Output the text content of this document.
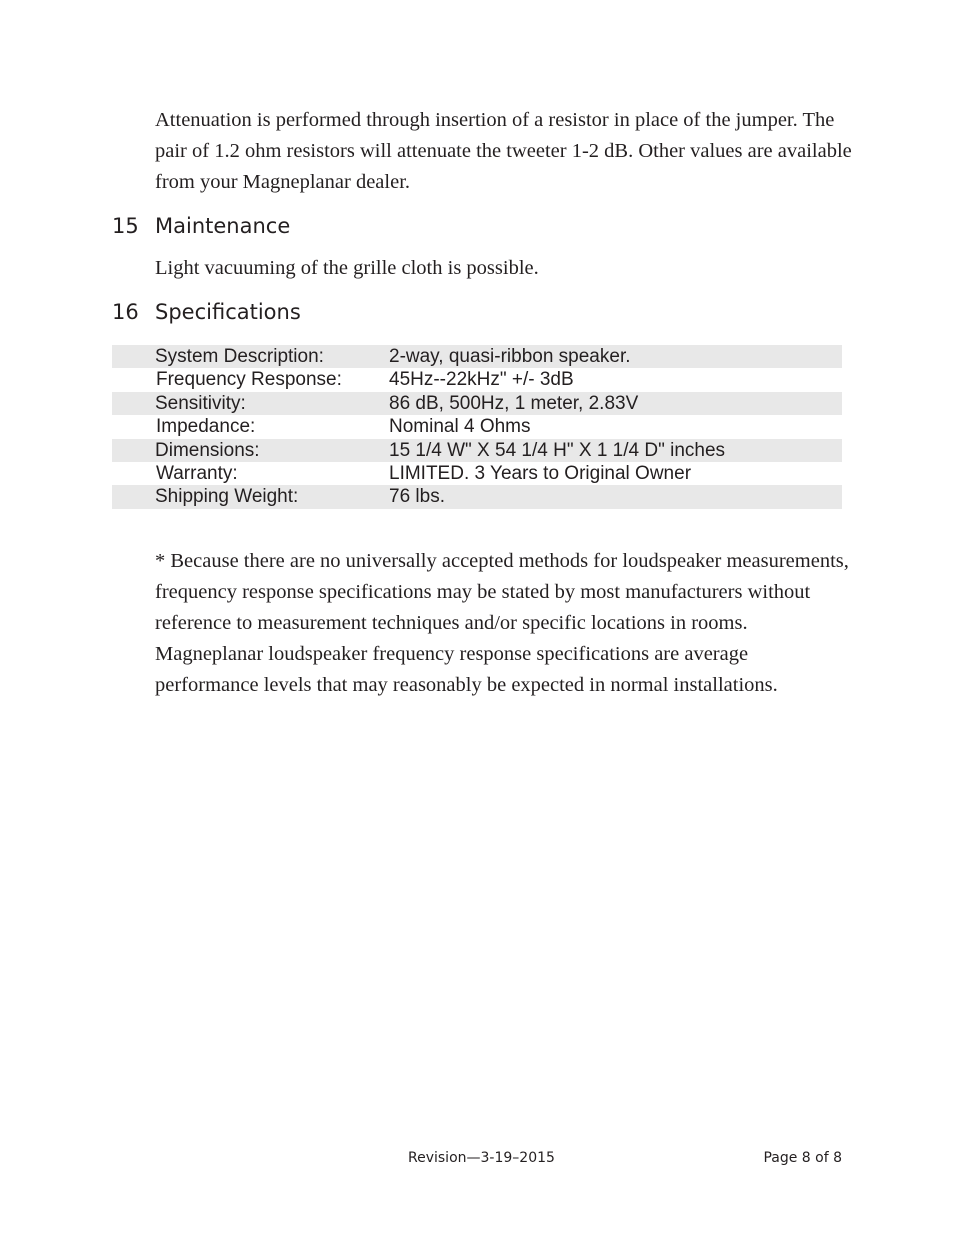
Attenuation is performed through insertion of a resistor in place of the jumper. The pair of 1.2 ohm resistors will attenuate the tweeter 1-2 dB. Other values are available from your Magneplanar dealer.

15 Maintenance

Light vacuuming of the grille cloth is possible.

16 Specifications
System Description:	2-way, quasi-ribbon speaker.
Frequency Response: 45Hz--22kHz" +/- 3dB
Sensitivity:	86 dB, 500Hz, 1 meter, 2.83V
Impedance:	Nominal 4 Ohms
Dimensions:	15 1/4 W" X 54 1/4 H" X 1 1/4 D" inches
Warranty:	LIMITED. 3 Years to Original Owner
Shipping Weight:	76 lbs.

* Because there are no universally accepted methods for loudspeaker measurements, frequency response specifications may be stated by most manufacturers without reference to measurement techniques and/or specific locations in rooms. Magneplanar loudspeaker frequency response specifications are average performance levels that may reasonably be expected in normal installations.

Revision—3-19–2015	Page 8 of 8
